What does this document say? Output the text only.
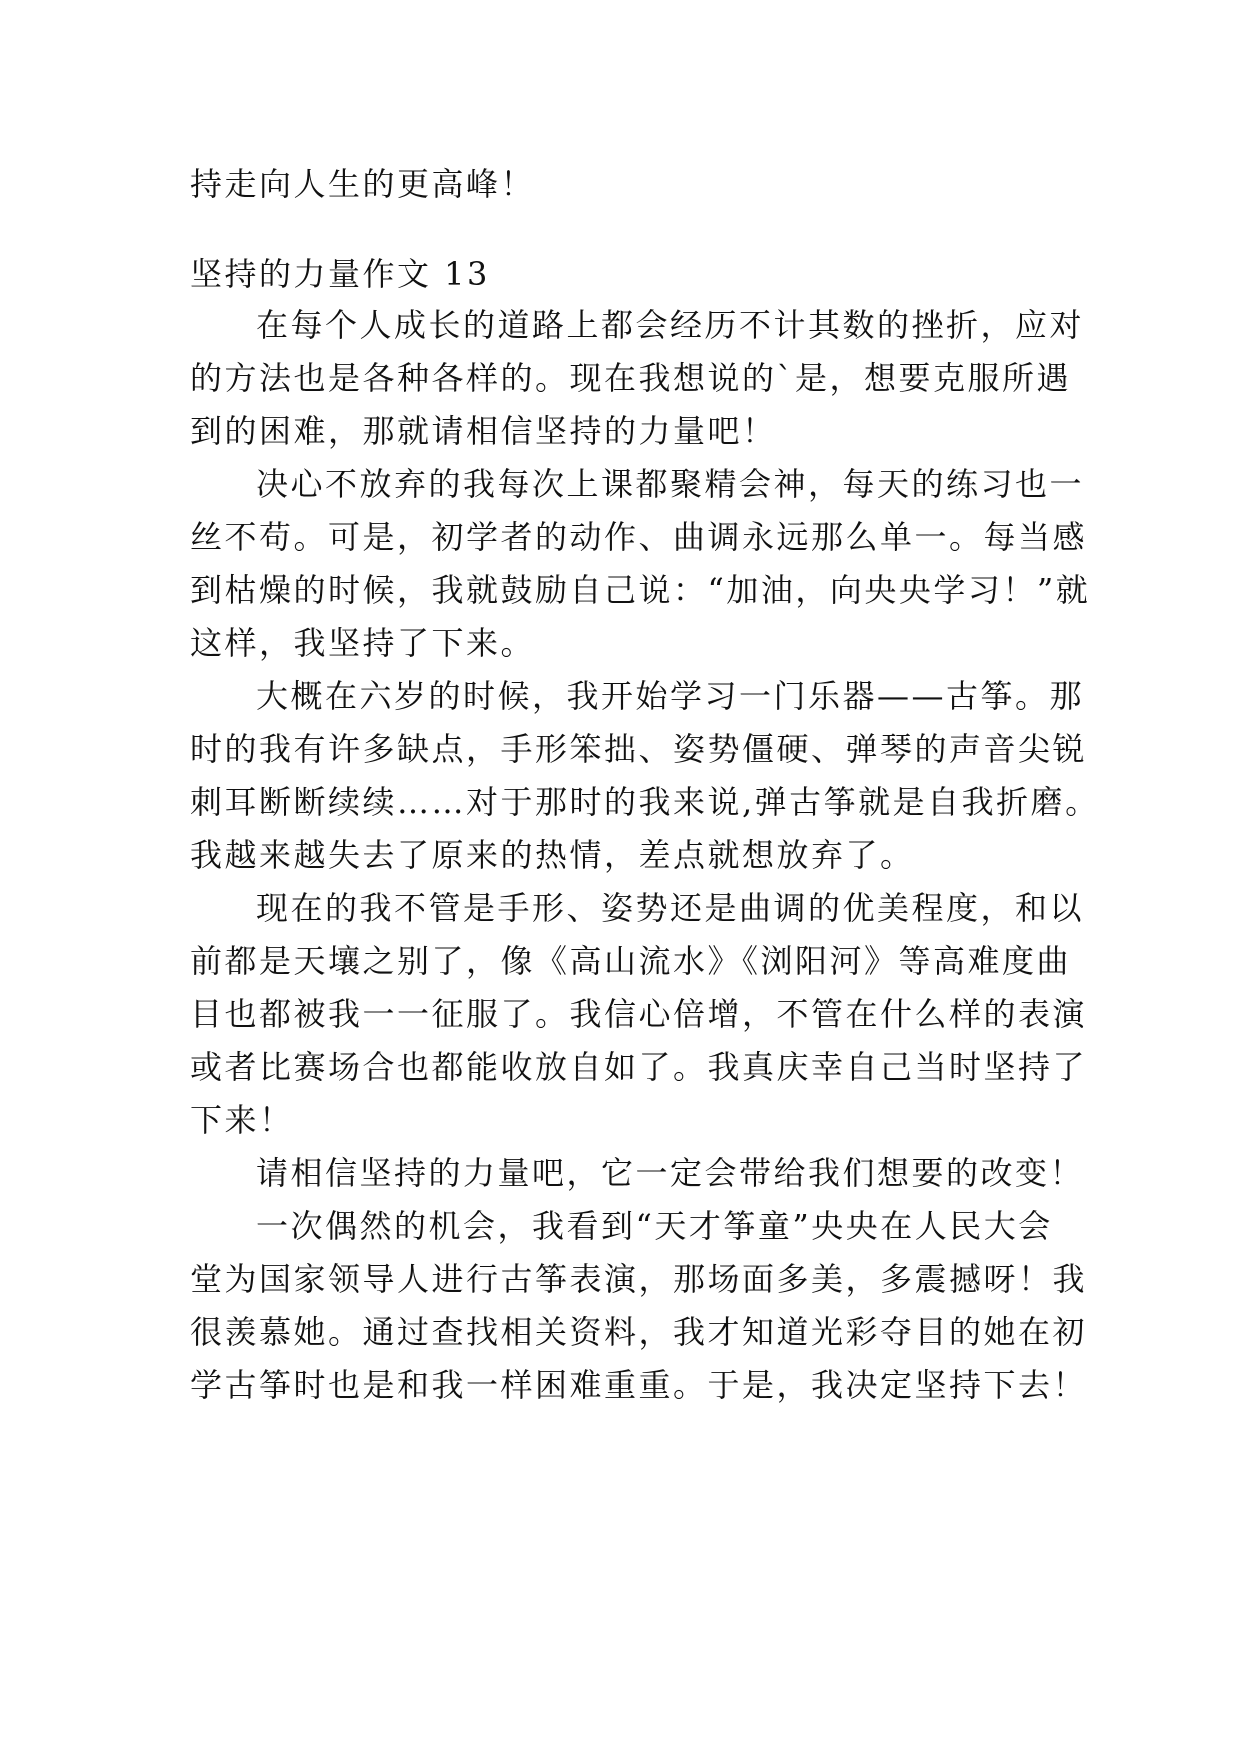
持走向人生的更高峰！
坚持的力量作文 13
在每个人成长的道路上都会经历不计其数的挫折，应对
的方法也是各种各样的。现在我想说的`是，想要克服所遇
到的困难，那就请相信坚持的力量吧！
决心不放弃的我每次上课都聚精会神，每天的练习也一
丝不苟。可是，初学者的动作、曲调永远那么单一。每当感
到枯燥的时候，我就鼓励自己说：“加油，向央央学习！”就
这样，我坚持了下来。
大概在六岁的时候，我开始学习一门乐器——古筝。那
时的我有许多缺点，手形笨拙、姿势僵硬、弹琴的声音尖锐
刺耳断断续续……对于那时的我来说,弹古筝就是自我折磨。
我越来越失去了原来的热情，差点就想放弃了。
现在的我不管是手形、姿势还是曲调的优美程度，和以
前都是天壤之别了，像《高山流水》《浏阳河》等高难度曲
目也都被我一一征服了。我信心倍增，不管在什么样的表演
或者比赛场合也都能收放自如了。我真庆幸自己当时坚持了
下来！
请相信坚持的力量吧，它一定会带给我们想要的改变！
一次偶然的机会，我看到“天才筝童”央央在人民大会
堂为国家领导人进行古筝表演，那场面多美，多震撼呀！我
很羡慕她。通过查找相关资料，我才知道光彩夺目的她在初
学古筝时也是和我一样困难重重。于是，我决定坚持下去！
